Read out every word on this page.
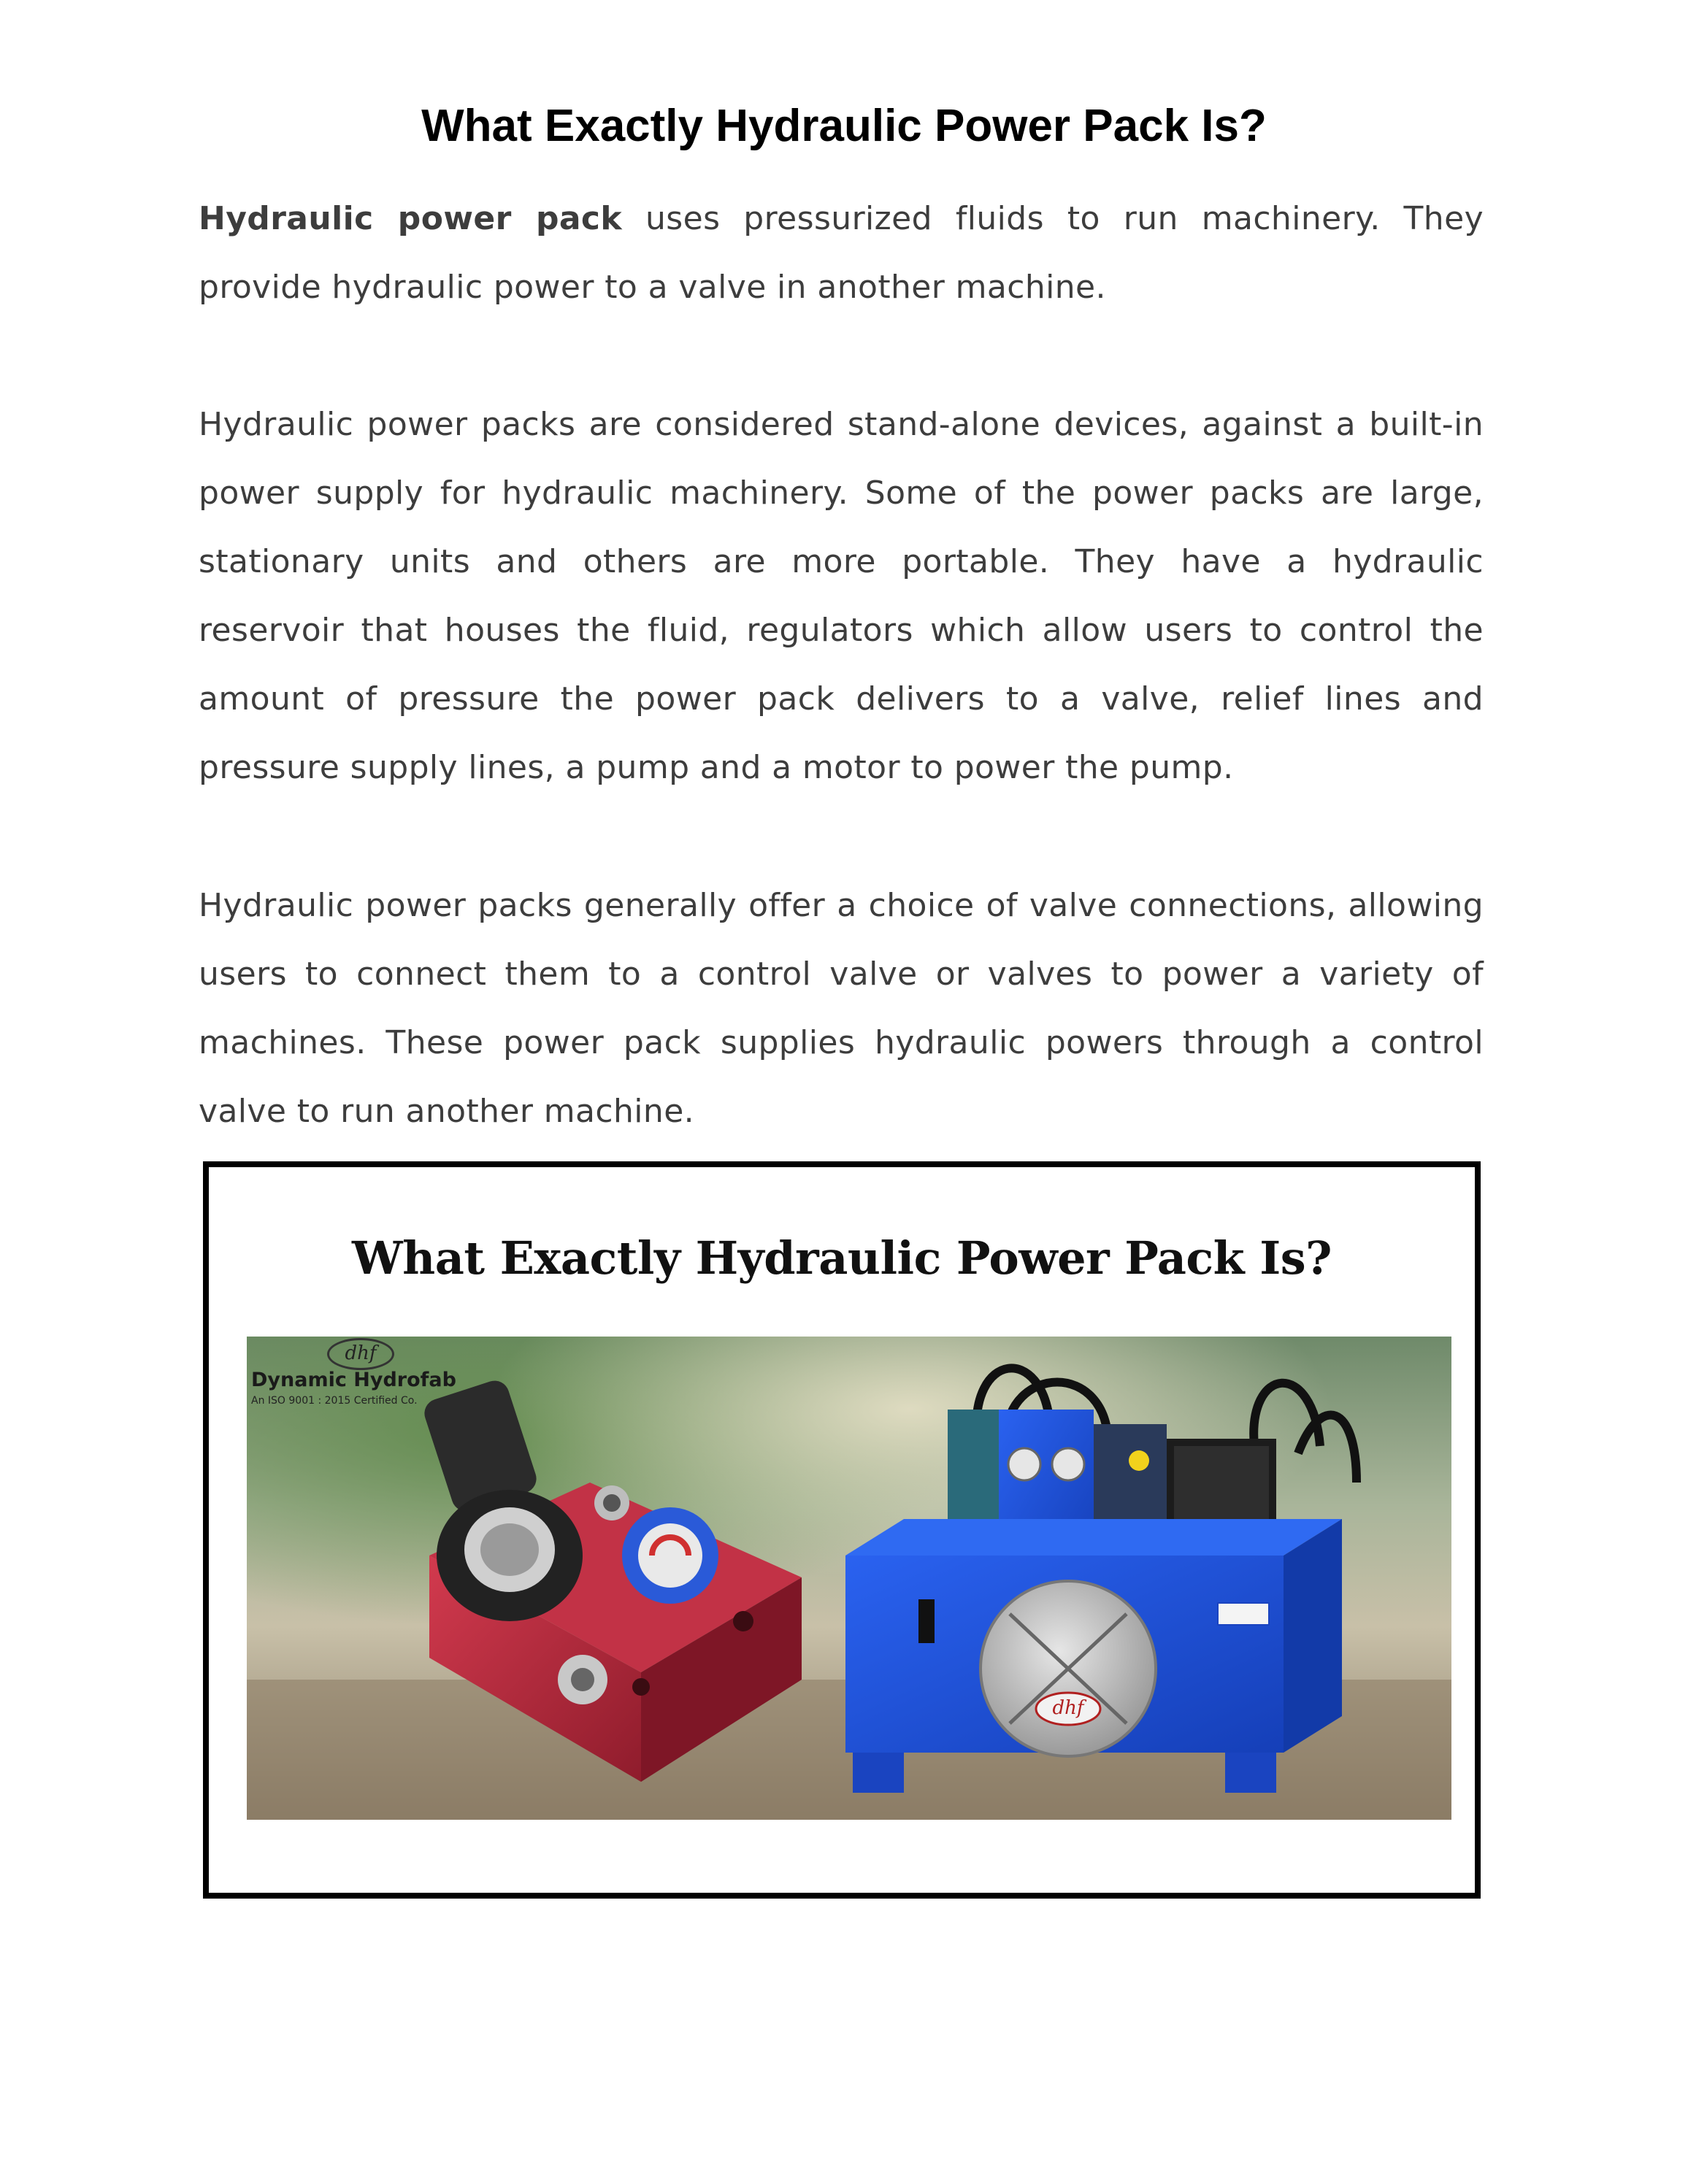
What Exactly Hydraulic Power Pack Is?

Hydraulic power pack uses pressurized fluids to run machinery. They provide hydraulic power to a valve in another machine.

Hydraulic power packs are considered stand-alone devices, against a built-in power supply for hydraulic machinery. Some of the power packs are large, stationary units and others are more portable. They have a hydraulic reservoir that houses the fluid, regulators which allow users to control the amount of pressure the power pack delivers to a valve, relief lines and pressure supply lines, a pump and a motor to power the pump.

Hydraulic power packs generally offer a choice of valve connections, allowing users to connect them to a control valve or valves to power a variety of machines. These power pack supplies hydraulic powers through a control valve to run another machine.

What Exactly Hydraulic Power Pack Is?
dhf
Dynamic Hydrofab
An ISO 9001 : 2015 Certified Co.
dhf
